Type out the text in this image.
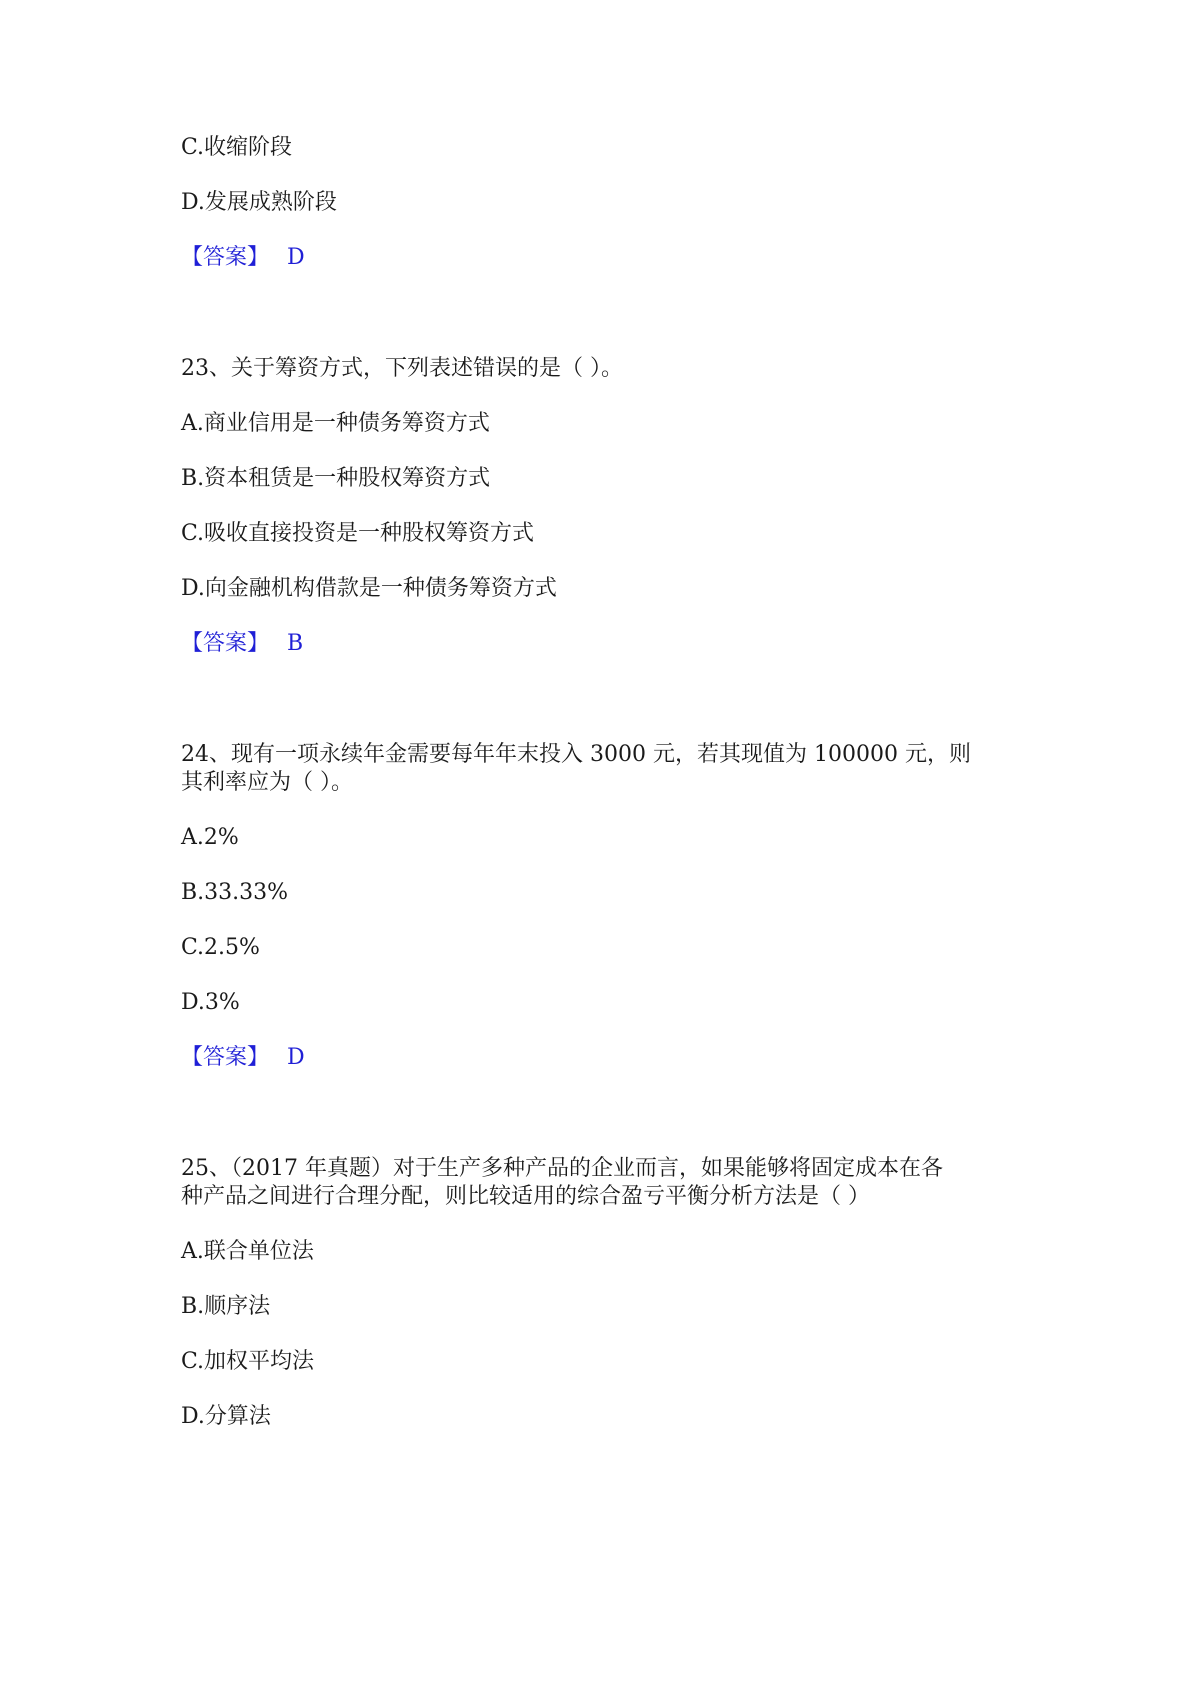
C.收缩阶段

D.发展成熟阶段

【答案】 D

23、关于筹资方式，下列表述错误的是（ ）。

A.商业信用是一种债务筹资方式

B.资本租赁是一种股权筹资方式

C.吸收直接投资是一种股权筹资方式

D.向金融机构借款是一种债务筹资方式

【答案】 B

24、现有一项永续年金需要每年年末投入 3000 元，若其现值为 100000 元，则

其利率应为（ ）。

A.2%

B.33.33%

C.2.5%

D.3%

【答案】 D

25、（2017 年真题）对于生产多种产品的企业而言，如果能够将固定成本在各

种产品之间进行合理分配，则比较适用的综合盈亏平衡分析方法是（ ）

A.联合单位法

B.顺序法

C.加权平均法

D.分算法
